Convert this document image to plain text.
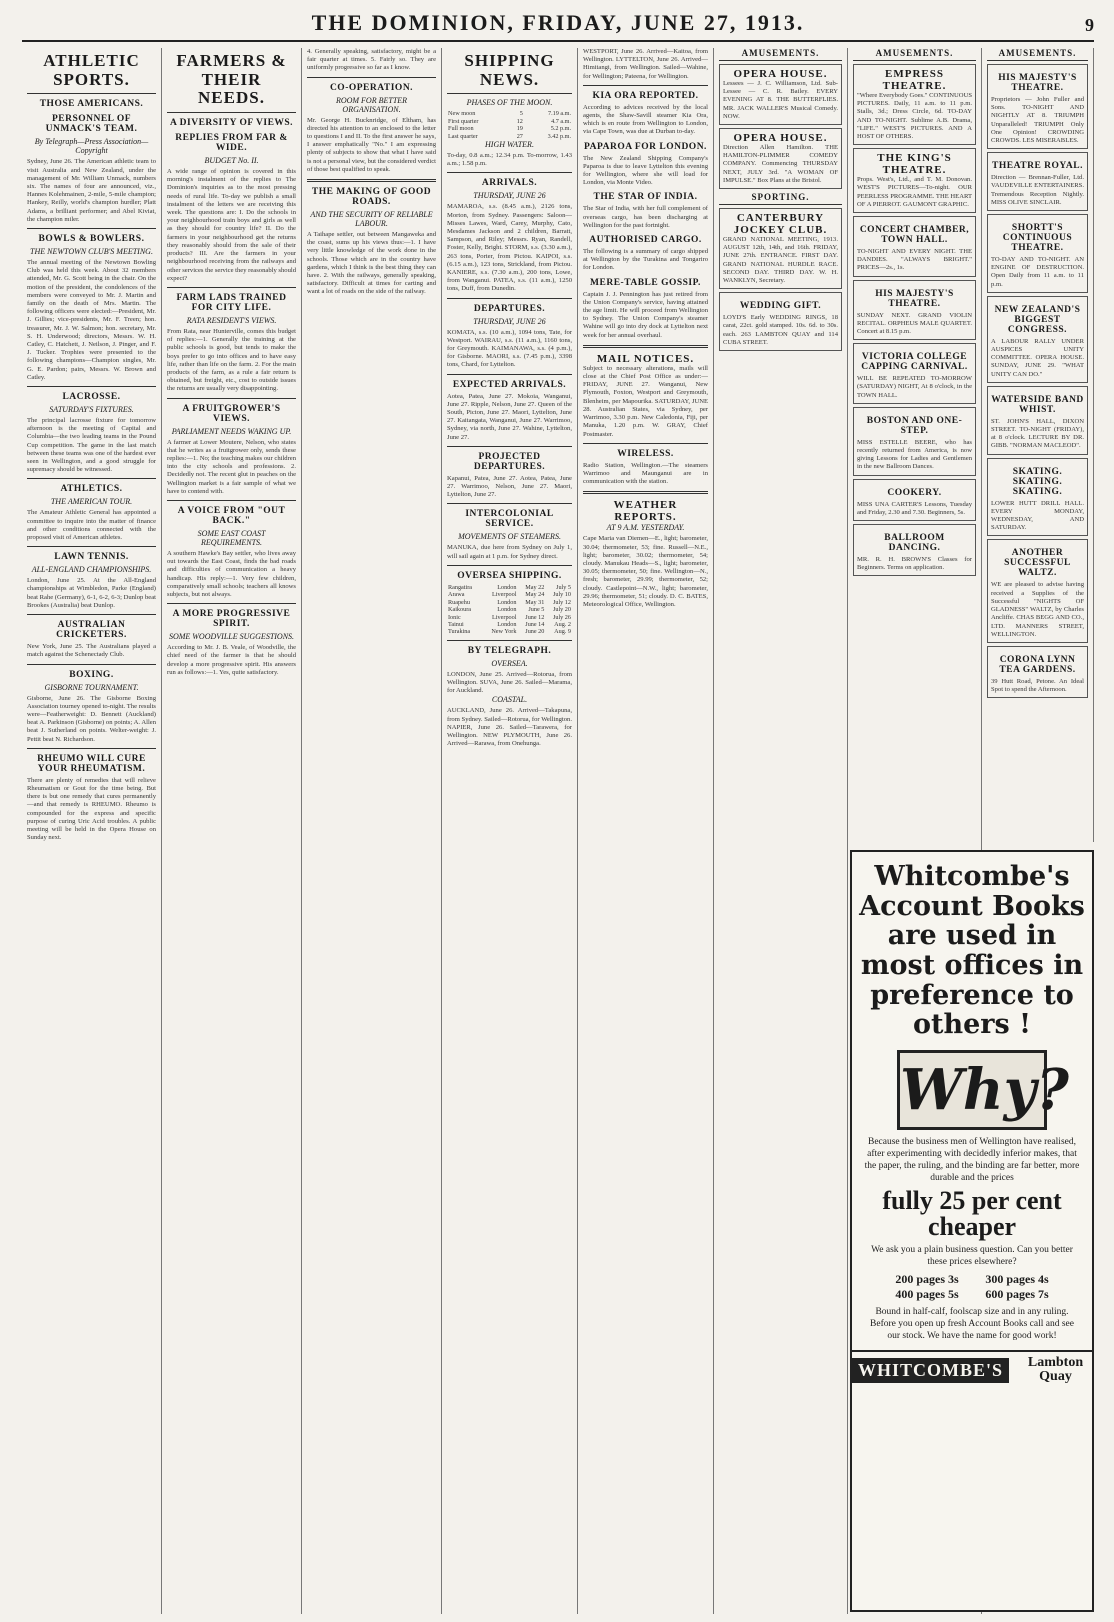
THE DOMINION, FRIDAY, JUNE 27, 1913.	9
ATHLETIC SPORTS.
THOSE AMERICANS.
PERSONNEL OF UNMACK'S TEAM.
By Telegraph—Press Association—Copyright

Sydney, June 26. The American athletic team to visit Australia and New Zealand, under the management of Mr. William Unmack, numbers six. The names of four are announced, viz., Hannes Kolehmainen, 2-mile, 5-mile champion; Hankey, Reilly, world's champion hurdler; Platt Adams, a brilliant performer; and Abel Kiviat, the champion miler.

BOWLS & BOWLERS.
THE NEWTOWN CLUB'S MEETING.

The annual meeting of the Newtown Bowling Club was held this week. About 32 members attended, Mr. G. Scott being in the chair. On the motion of the president, the condolences of the members were conveyed to Mr. J. Martin and family on the death of Mrs. Martin. The following officers were elected:—President, Mr. J. Gillies; vice-presidents, Mr. F. Treen; hon. treasurer, Mr. J. W. Salmon; hon. secretary, Mr. S. H. Underwood; directors, Messrs. W. H. Catley, C. Hatchett, J. Neilson, J. Pinger, and F. J. Tucker. Trophies were presented to the following champions—Champion singles, Mr. G. E. Pardon; pairs, Messrs. W. Brown and Catley.

LACROSSE.
SATURDAY'S FIXTURES.

The principal lacrosse fixture for tomorrow afternoon is the meeting of Capital and Columbia—the two leading teams in the Pound Cup competition. The game in the last match between these teams was one of the hardest ever seen in Wellington, and a good struggle for supremacy should be witnessed.

ATHLETICS.
THE AMERICAN TOUR.

The Amateur Athletic General has appointed a committee to inquire into the matter of finance and other conditions connected with the proposed visit of American athletes.

LAWN TENNIS.
ALL-ENGLAND CHAMPIONSHIPS.

London, June 25. At the All-England championships at Wimbledon, Parke (England) beat Rahe (Germany), 6-1, 6-2, 6-3; Dunlop beat Brookes (Australia) beat Dunlop.

AUSTRALIAN CRICKETERS.

New York, June 25. The Australians played a match against the Schenectady Club.

BOXING.
GISBORNE TOURNAMENT.

Gisborne, June 26. The Gisborne Boxing Association tourney opened to-night. The results were—Featherweight: D. Bennett (Auckland) beat A. Parkinson (Gisborne) on points; A. Allen beat J. Sutherland on points. Welter-weight: J. Pettit beat N. Richardson.

RHEUMO WILL CURE YOUR RHEUMATISM.

There are plenty of remedies that will relieve Rheumatism or Gout for the time being. But there is but one remedy that cures permanently—and that remedy is RHEUMO. Rheumo is compounded for the express and specific purpose of curing Uric Acid troubles. A public meeting will be held in the Opera House on Sunday next.

FARMERS & THEIR NEEDS.
A DIVERSITY OF VIEWS.
REPLIES FROM FAR & WIDE.
BUDGET No. II.

A wide range of opinion is covered in this morning's instalment of the replies to The Dominion's inquiries as to the most pressing needs of rural life. To-day we publish a small instalment of the letters we are receiving this week. The questions are: I. Do the schools in your neighbourhood train boys and girls as well as they should for country life? II. Do the farmers in your neighbourhood get the returns they reasonably should from the sale of their products? III. Are the farmers in your neighbourhood receiving from the railways and other services the service they reasonably should expect?

FARM LADS TRAINED FOR CITY LIFE.
RATA RESIDENT'S VIEWS.

From Rata, near Hunterville, comes this budget of replies:—1. Generally the training at the public schools is good, but tends to make the boys prefer to go into offices and to have easy life, rather than life on the farm. 2. For the main products of the farm, as a rule a fair return is obtained, but freight, etc., cost to outside issues the returns are usually very disappointing.

A FRUITGROWER'S VIEWS.
PARLIAMENT NEEDS WAKING UP.

A farmer at Lower Moutere, Nelson, who states that he writes as a fruitgrower only, sends these replies:—1. No; the teaching makes our children into the city schools and professions. 2. Decidedly not. The recent glut in peaches on the Wellington market is a fair sample of what we have to contend with.

A VOICE FROM "OUT BACK."
SOME EAST COAST REQUIREMENTS.

A southern Hawke's Bay settler, who lives away out towards the East Coast, finds the bad roads and difficulties of communication a heavy handicap. His reply:—1. Very few children, comparatively small schools; teachers all knows subjects, but not always.

A MORE PROGRESSIVE SPIRIT.
SOME WOODVILLE SUGGESTIONS.

According to Mr. J. B. Veale, of Woodville, the chief need of the farmer is that he should develop a more progressive spirit. His answers run as follows:—1. Yes, quite satisfactory.

4. Generally speaking, satisfactory, might be a fair quarter at times. 5. Fairly so. They are uniformly progressive so far as I know.

CO-OPERATION.
ROOM FOR BETTER ORGANISATION.

Mr. George H. Bucknridge, of Eltham, has directed his attention to an enclosed to the letter to questions I and II. To the first answer he says, I answer emphatically "No." I am expressing plenty of subjects to show that what I have said is not a personal view, but the considered verdict of those best qualified to speak.

THE MAKING OF GOOD ROADS.
AND THE SECURITY OF RELIABLE LABOUR.

A Taihape settler, out between Mangaweka and the coast, sums up his views thus:—1. I have very little knowledge of the work done in the schools. Those which are in the country have gardens, which I think is the best thing they can have. 2. With the railways, generally speaking, satisfactory. Difficult at times for carting and want a lot of roads on the side of the railway.

SHIPPING NEWS.
PHASES OF THE MOON.
New moon	5	7.19 a.m.
First quarter	12	4.7 a.m.
Full moon	19	5.2 p.m.
Last quarter	27	3.42 p.m.
HIGH WATER.

To-day, 0.8 a.m.; 12.34 p.m. To-morrow, 1.43 a.m.; 1.58 p.m.

ARRIVALS.
THURSDAY, JUNE 26

MAMAROA, s.s. (8.45 a.m.), 2126 tons, Morton, from Sydney. Passengers: Saloon—Misses Lawes, Ward, Carey, Murphy, Cato, Mesdames Jackson and 2 children, Barratt, Sampson, and Riley; Messrs. Ryan, Randell, Foster, Kelly, Bright. STORM, s.s. (3.30 a.m.), 263 tons, Porter, from Pictou. KAIPOI, s.s. (6.15 a.m.), 123 tons, Strickland, from Pictou. KANIERE, s.s. (7.30 a.m.), 200 tons, Lowe, from Wanganui. PATEA, s.s. (11 a.m.), 1250 tons, Duff, from Dunedin.

DEPARTURES.
THURSDAY, JUNE 26

KOMATA, s.s. (10 a.m.), 1094 tons, Tate, for Westport. WAIRAU, s.s. (11 a.m.), 1160 tons, for Greymouth. KAIMANAWA, s.s. (4 p.m.), for Gisborne. MAORI, s.s. (7.45 p.m.), 3398 tons, Chard, for Lyttelton.

EXPECTED ARRIVALS.

Aotea, Patea, June 27. Mokoia, Wanganui, June 27. Ripple, Nelson, June 27. Queen of the South, Picton, June 27. Maori, Lyttelton, June 27. Kaitangata, Wanganui, June 27. Warrimoo, Sydney, via north, June 27. Wahine, Lyttelton, June 27.

PROJECTED DEPARTURES.

Kapanui, Patea, June 27. Aotea, Patea, June 27. Warrimoo, Nelson, June 27. Maori, Lyttelton, June 27.

INTERCOLONIAL SERVICE.
MOVEMENTS OF STEAMERS.

MANUKA, due here from Sydney on July 1, will sail again at 1 p.m. for Sydney direct.

OVERSEA SHIPPING.
Rangatira	London	May 22	July 5
Arawa	Liverpool	May 24	July 10
Ruapehu	London	May 31	July 12
Kaikoura	London	June 5	July 20
Ionic	Liverpool	June 12	July 26
Tainui	London	June 14	Aug. 2
Turakina	New York	June 20	Aug. 9
BY TELEGRAPH.
OVERSEA.

LONDON, June 25. Arrived—Rotorua, from Wellington. SUVA, June 26. Sailed—Marama, for Auckland.

COASTAL.

AUCKLAND, June 26. Arrived—Takapuna, from Sydney. Sailed—Rotorua, for Wellington. NAPIER, June 26. Sailed—Tarawera, for Wellington. NEW PLYMOUTH, June 26. Arrived—Rarawa, from Onehunga.

WESTPORT, June 26. Arrived—Kaitoa, from Wellington. LYTTELTON, June 26. Arrived—Himitangi, from Wellington. Sailed—Wahine, for Wellington; Pateena, for Wellington.

KIA ORA REPORTED.

According to advices received by the local agents, the Shaw-Savill steamer Kia Ora, which is en route from Wellington to London, via Cape Town, was due at Durban to-day.

PAPAROA FOR LONDON.

The New Zealand Shipping Company's Paparoa is due to leave Lyttelton this evening for Wellington, where she will load for London, via Monte Video.

THE STAR OF INDIA.

The Star of India, with her full complement of overseas cargo, has been discharging at Wellington for the past fortnight.

AUTHORISED CARGO.

The following is a summary of cargo shipped at Wellington by the Turakina and Tongariro for London.

MERE-TABLE GOSSIP.

Captain J. J. Pennington has just retired from the Union Company's service, having attained the age limit. He will proceed from Wellington to Sydney. The Union Company's steamer Wahine will go into dry dock at Lyttelton next week for her annual overhaul.

MAIL NOTICES.

Subject to necessary alterations, mails will close at the Chief Post Office as under:— FRIDAY, JUNE 27. Wanganui, New Plymouth, Foxton, Westport and Greymouth, Blenheim, per Mapourika. SATURDAY, JUNE 28. Australian States, via Sydney, per Warrimoo, 3.30 p.m. New Caledonia, Fiji, per Manuka, 1.20 p.m. W. GRAY, Chief Postmaster.

WIRELESS.

Radio Station, Wellington.—The steamers Warrimoo and Maunganui are in communication with the station.

WEATHER REPORTS.
AT 9 A.M. YESTERDAY.

Cape Maria van Diemen—E., light; barometer, 30.04; thermometer, 53; fine. Russell—N.E., light; barometer, 30.02; thermometer, 54; cloudy. Manukau Heads—S., light; barometer, 30.05; thermometer, 50; fine. Wellington—N., fresh; barometer, 29.99; thermometer, 52; cloudy. Castlepoint—N.W., light; barometer, 29.96; thermometer, 51; cloudy. D. C. BATES, Meteorological Office, Wellington.

AMUSEMENTS.
OPERA HOUSE.

Lessees — J. C. Williamson, Ltd. Sub-Lessee — C. R. Bailey. EVERY EVENING AT 8. THE BUTTERFLIES. MR. JACK WALLER'S Musical Comedy. NOW.

OPERA HOUSE.

Direction Allen Hamilton. THE HAMILTON-PLIMMER COMEDY COMPANY. Commencing THURSDAY NEXT, JULY 3rd. "A WOMAN OF IMPULSE." Box Plans at the Bristol.

SPORTING.
CANTERBURY JOCKEY CLUB.

GRAND NATIONAL MEETING, 1913. AUGUST 12th, 14th, and 16th. FRIDAY, JUNE 27th. ENTRANCE. FIRST DAY. GRAND NATIONAL HURDLE RACE. SECOND DAY. THIRD DAY. W. H. WANKLYN, Secretary.

WEDDING GIFT.

LOYD'S Early WEDDING RINGS, 18 carat, 22ct. gold stamped. 10s. 6d. to 30s. each. 263 LAMBTON QUAY and 114 CUBA STREET.

AMUSEMENTS.
EMPRESS THEATRE.

"Where Everybody Goes." CONTINUOUS PICTURES. Daily, 11 a.m. to 11 p.m. Stalls, 3d.; Dress Circle, 6d. TO-DAY AND TO-NIGHT. Sublime A.B. Drama, "LIFE." WEST'S PICTURES. AND A HOST OF OTHERS.

THE KING'S THEATRE.

Props. West's, Ltd., and T. M. Donovan. WEST'S PICTURES—To-night. OUR PEERLESS PROGRAMME. THE HEART OF A PIERROT. GAUMONT GRAPHIC.

CONCERT CHAMBER, TOWN HALL.

TO-NIGHT AND EVERY NIGHT. THE DANDIES. "ALWAYS BRIGHT." PRICES—2s., 1s.

HIS MAJESTY'S THEATRE.

SUNDAY NEXT. GRAND VIOLIN RECITAL. ORPHEUS MALE QUARTET. Concert at 8.15 p.m.

VICTORIA COLLEGE CAPPING CARNIVAL.

WILL BE REPEATED TO-MORROW (SATURDAY) NIGHT, At 8 o'clock, in the TOWN HALL.

BOSTON AND ONE-STEP.

MISS ESTELLE BEERE, who has recently returned from America, is now giving Lessons for Ladies and Gentlemen in the new Ballroom Dances.

COOKERY.

MISS UNA CARTER'S Lessons, Tuesday and Friday, 2.30 and 7.30. Beginners, 5s.

BALLROOM DANCING.

MR. R. H. BROWN'S Classes for Beginners. Terms on application.

AMUSEMENTS.
HIS MAJESTY'S THEATRE.

Proprietors — John Fuller and Sons. TO-NIGHT AND NIGHTLY AT 8. TRIUMPH Unparalleled! TRIUMPH Only One Opinion! CROWDING CROWDS. LES MISERABLES.

THEATRE ROYAL.

Direction — Brennan-Fuller, Ltd. VAUDEVILLE ENTERTAINERS. Tremendous Reception Nightly. MISS OLIVE SINCLAIR.

SHORTT'S CONTINUOUS THEATRE.

TO-DAY AND TO-NIGHT. AN ENGINE OF DESTRUCTION. Open Daily from 11 a.m. to 11 p.m.

NEW ZEALAND'S BIGGEST CONGRESS.

A LABOUR RALLY UNDER AUSPICES UNITY COMMITTEE. OPERA HOUSE. SUNDAY, JUNE 29. "WHAT UNITY CAN DO."

WATERSIDE BAND WHIST.

ST. JOHN'S HALL, DIXON STREET. TO-NIGHT (FRIDAY), at 8 o'clock. LECTURE BY DR. GIBB. "NORMAN MACLEOD".

SKATING. SKATING. SKATING.

LOWER HUTT DRILL HALL. EVERY MONDAY, WEDNESDAY, AND SATURDAY.

ANOTHER SUCCESSFUL WALTZ.

WE are pleased to advise having received a Supplies of the Successful "NIGHTS OF GLADNESS" WALTZ, by Charles Ancliffe. CHAS BEGG AND CO., LTD. MANNERS STREET, WELLINGTON.

CORONA LYNN TEA GARDENS.

39 Hutt Road, Petone. An Ideal Spot to spend the Afternoon.

Whitcombe's Account Books are used in most offices in preference to others !
Why?

Because the business men of Wellington have realised, after experimenting with decidedly inferior makes, that the paper, the ruling, and the binding are far better, more durable and the prices

fully 25 per cent cheaper

We ask you a plain business question. Can you better these prices elsewhere?

200 pages 3s	300 pages 4s
400 pages 5s	600 pages 7s

Bound in half-calf, foolscap size and in any ruling. Before you open up fresh Account Books call and see our stock. We have the name for good work!

WHITCOMBE'S	Lambton Quay
